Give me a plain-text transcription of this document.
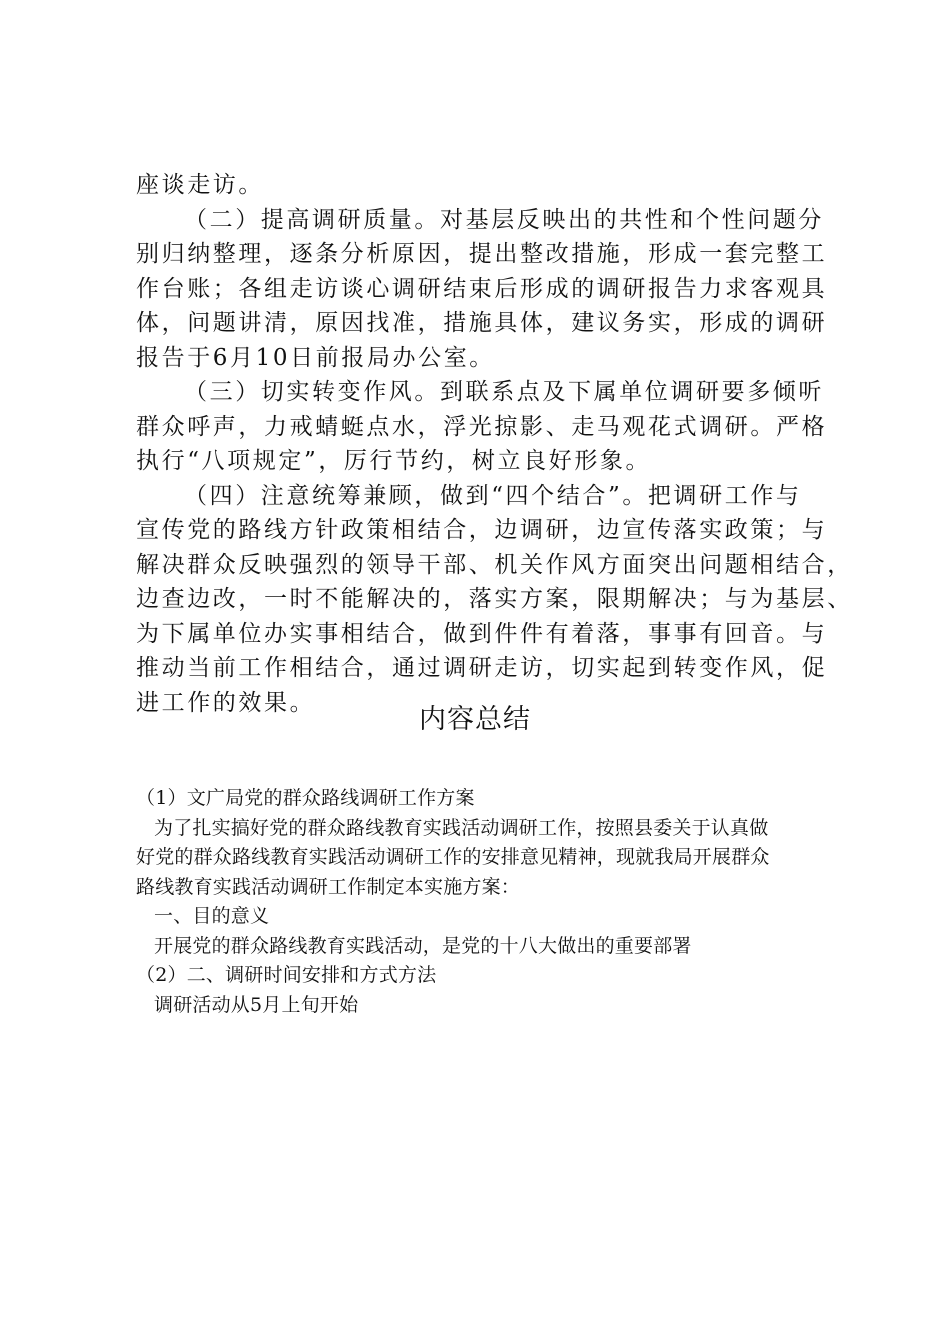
座谈走访。
（二）提高调研质量。对基层反映出的共性和个性问题分
别归纳整理，逐条分析原因，提出整改措施，形成一套完整工
作台账；各组走访谈心调研结束后形成的调研报告力求客观具
体，问题讲清，原因找准，措施具体，建议务实，形成的调研
报告于6月10日前报局办公室。
（三）切实转变作风。到联系点及下属单位调研要多倾听
群众呼声，力戒蜻蜓点水，浮光掠影、走马观花式调研。严格
执行“八项规定”，厉行节约，树立良好形象。
（四）注意统筹兼顾，做到“四个结合”。把调研工作与
宣传党的路线方针政策相结合，边调研，边宣传落实政策；与
解决群众反映强烈的领导干部、机关作风方面突出问题相结合，
边查边改，一时不能解决的，落实方案，限期解决；与为基层、
为下属单位办实事相结合，做到件件有着落，事事有回音。与
推动当前工作相结合，通过调研走访，切实起到转变作风，促
进工作的效果。
内容总结
（1）文广局党的群众路线调研工作方案
为了扎实搞好党的群众路线教育实践活动调研工作，按照县委关于认真做
好党的群众路线教育实践活动调研工作的安排意见精神，现就我局开展群众
路线教育实践活动调研工作制定本实施方案：
一、目的意义
开展党的群众路线教育实践活动，是党的十八大做出的重要部署
（2）二、调研时间安排和方式方法
调研活动从5月上旬开始
